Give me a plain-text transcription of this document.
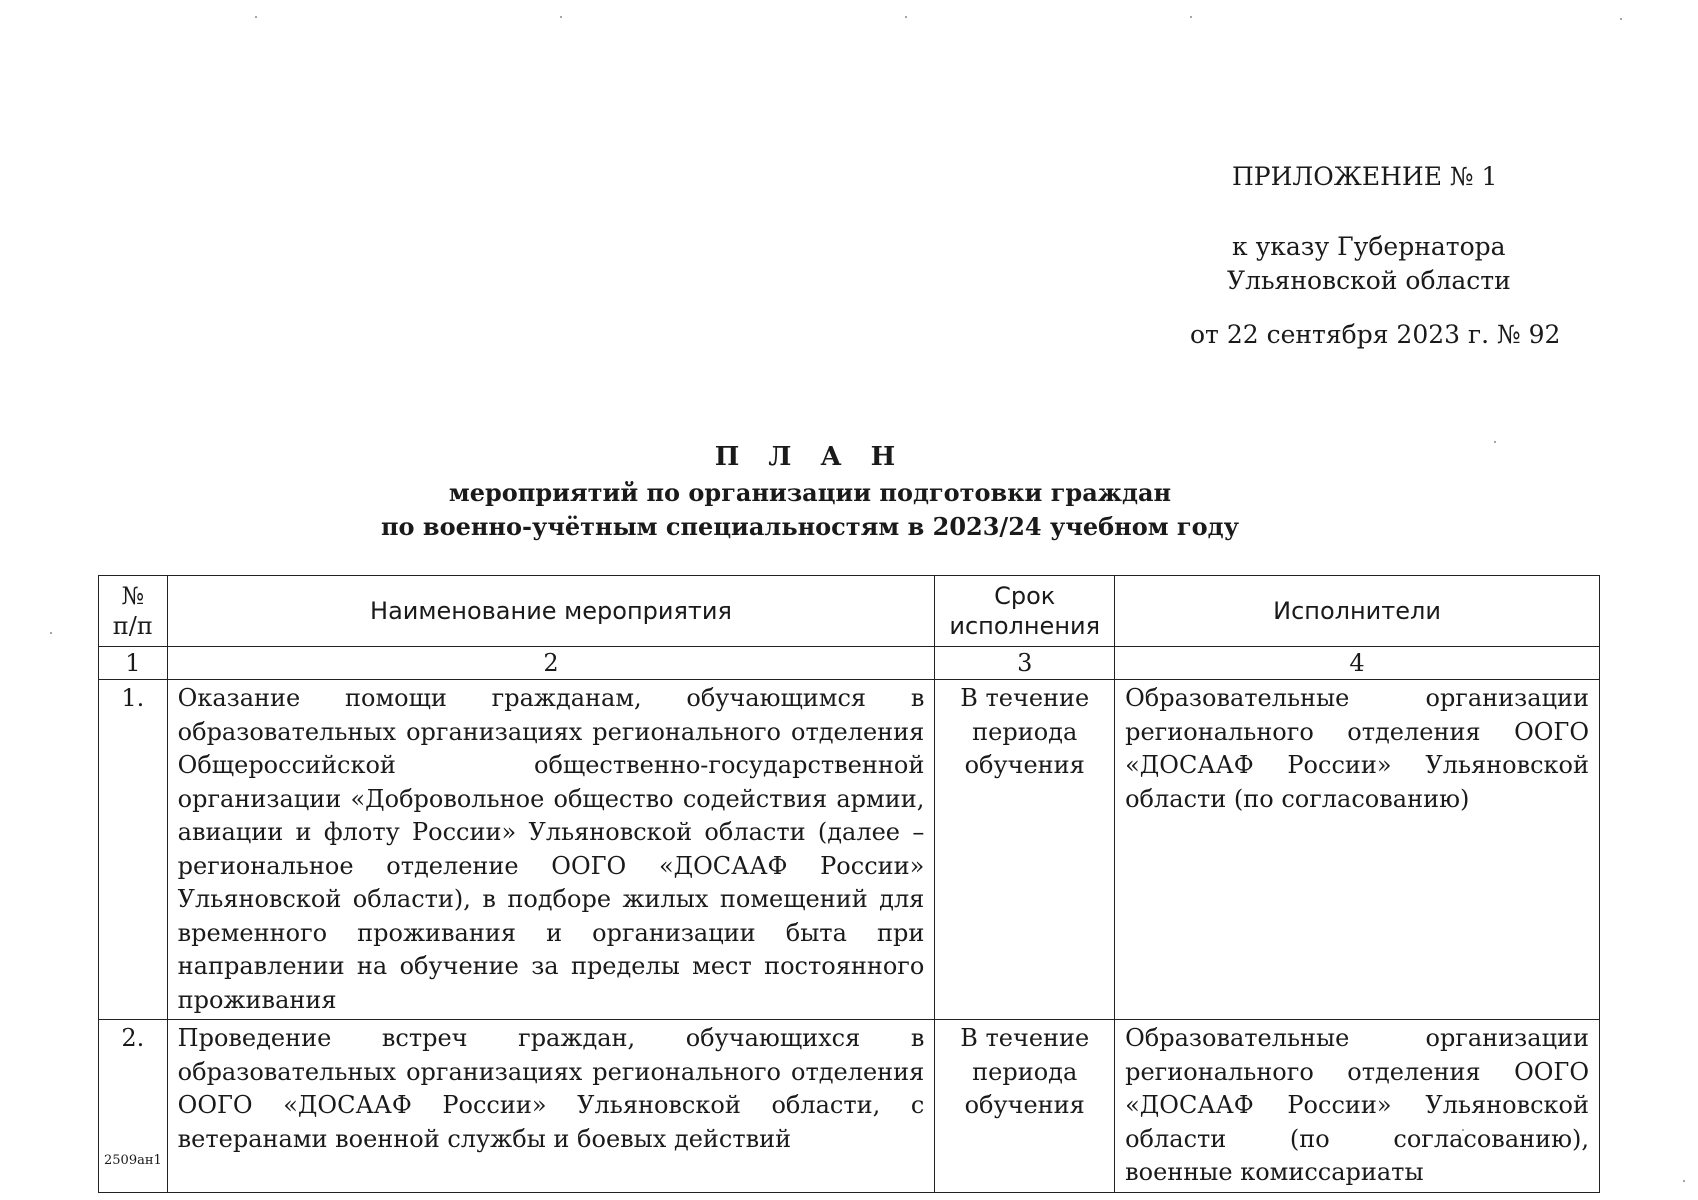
ПРИЛОЖЕНИЕ № 1
к указу Губернатора
Ульяновской области
от 22 сентября 2023 г. № 92
П Л А Н
мероприятий по организации подготовки граждан
по военно-учётным специальностям в 2023/24 учебном году
№ п/п	Наименование мероприятия	Срок исполнения	Исполнители
1	2	3	4
1.	Оказание помощи гражданам, обучающимся в образовательных организациях регионального отделения Общероссийской общественно-государственной организации «Добровольное общество содействия армии, авиации и флоту России» Ульяновской области (далее – региональное отделение ООГО «ДОСААФ России» Ульяновской области), в подборе жилых помещений для временного проживания и организации быта при направлении на обучение за пределы мест постоянного проживания	В течение периода обучения	Образовательные организации регионального отделения ООГО «ДОСААФ России» Ульяновской области (по согласованию)
2.	Проведение встреч граждан, обучающихся в образовательных организациях регионального отделения ООГО «ДОСААФ России» Ульяновской области, с ветеранами военной службы и боевых действий	В течение периода обучения	Образовательные организации регионального отделения ООГО «ДОСААФ России» Ульяновской области (по согласованию), военные комиссариаты
2509ан1
